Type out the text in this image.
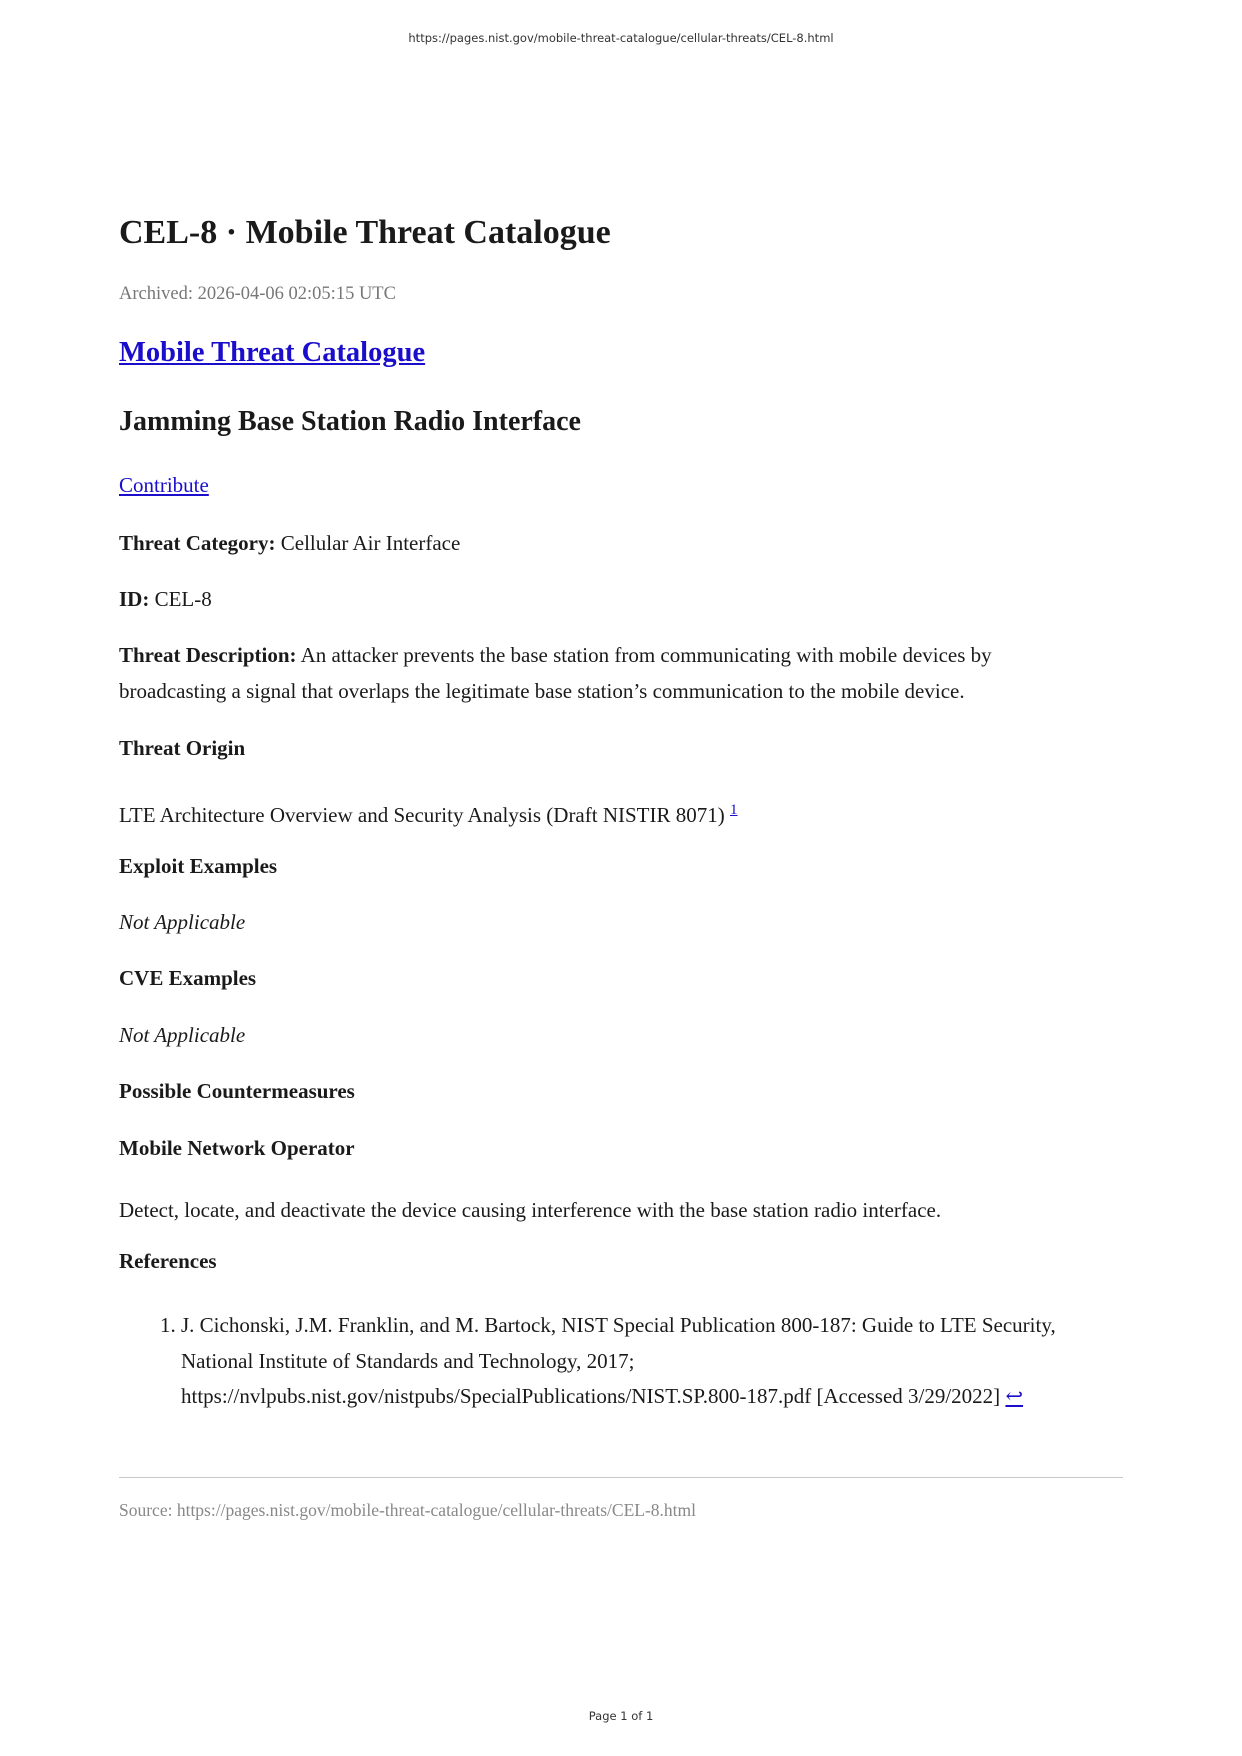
https://pages.nist.gov/mobile-threat-catalogue/cellular-threats/CEL-8.html
CEL-8 · Mobile Threat Catalogue
Archived: 2026-04-06 02:05:15 UTC
Mobile Threat Catalogue
Jamming Base Station Radio Interface
Contribute
Threat Category: Cellular Air Interface
ID: CEL-8
Threat Description: An attacker prevents the base station from communicating with mobile devices by broadcasting a signal that overlaps the legitimate base station’s communication to the mobile device.
Threat Origin
LTE Architecture Overview and Security Analysis (Draft NISTIR 8071) $^1$
Exploit Examples
Not Applicable
CVE Examples
Not Applicable
Possible Countermeasures
Mobile Network Operator
Detect, locate, and deactivate the device causing interference with the base station radio interface.
References
1. J. Cichonski, J.M. Franklin, and M. Bartock, NIST Special Publication 800-187: Guide to LTE Security, National Institute of Standards and Technology, 2017; https://nvlpubs.nist.gov/nistpubs/SpecialPublications/NIST.SP.800-187.pdf [Accessed 3/29/2022] ↩
Source: https://pages.nist.gov/mobile-threat-catalogue/cellular-threats/CEL-8.html
Page 1 of 1
